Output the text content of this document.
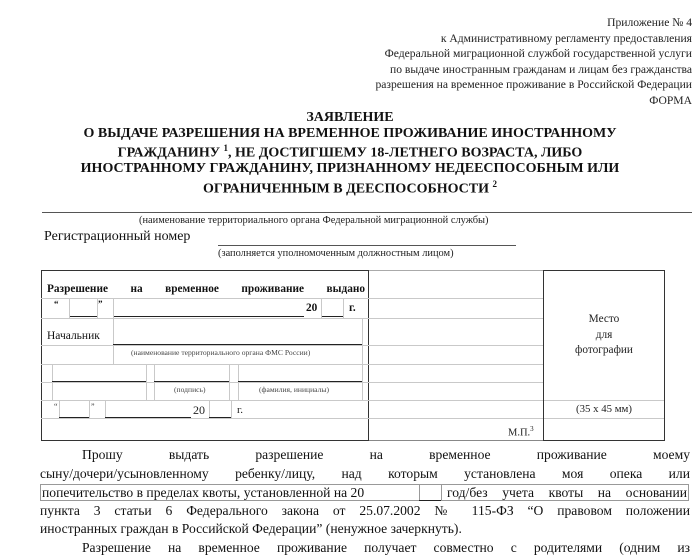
Приложение № 4
к Административному регламенту предоставления
Федеральной миграционной службой государственной услуги
по выдаче иностранным гражданам и лицам без гражданства
разрешения на временное проживание в Российской Федерации
ФОРМА
ЗАЯВЛЕНИЕ
О ВЫДАЧЕ РАЗРЕШЕНИЯ НА ВРЕМЕННОЕ ПРОЖИВАНИЕ ИНОСТРАННОМУ
ГРАЖДАНИНУ $^1$, НЕ ДОСТИГШЕМУ 18-ЛЕТНЕГО ВОЗРАСТА, ЛИБО
ИНОСТРАННОМУ ГРАЖДАНИНУ, ПРИЗНАННОМУ НЕДЕЕСПОСОБНЫМ ИЛИ
ОГРАНИЧЕННЫМ В ДЕЕСПОСОБНОСТИ $^2$
(наименование территориального органа Федеральной миграционной службы)
Регистрационный номер
(заполняется уполномоченным должностным лицом)
Разрешение на временное проживание выдано
“	”	20	г.
Начальник
(наименование территориального органа ФМС России)
(подпись)	(фамилия, инициалы)
“	”	20	г.
М.П.$^3$
Место
для
фотографии
(35 х 45 мм)
Прошу выдать разрешение на временное проживание моему
сыну/дочери/усыновленному ребенку/лицу, над которым установлена моя опека или
попечительство в пределах квоты, установленной на 20	год/без учета квоты на основании
пункта 3 статьи 6 Федерального закона от 25.07.2002 № 115-ФЗ “О правовом положении
иностранных граждан в Российской Федерации” (ненужное зачеркнуть).
Разрешение на временное проживание получает совместно с родителями (одним из
